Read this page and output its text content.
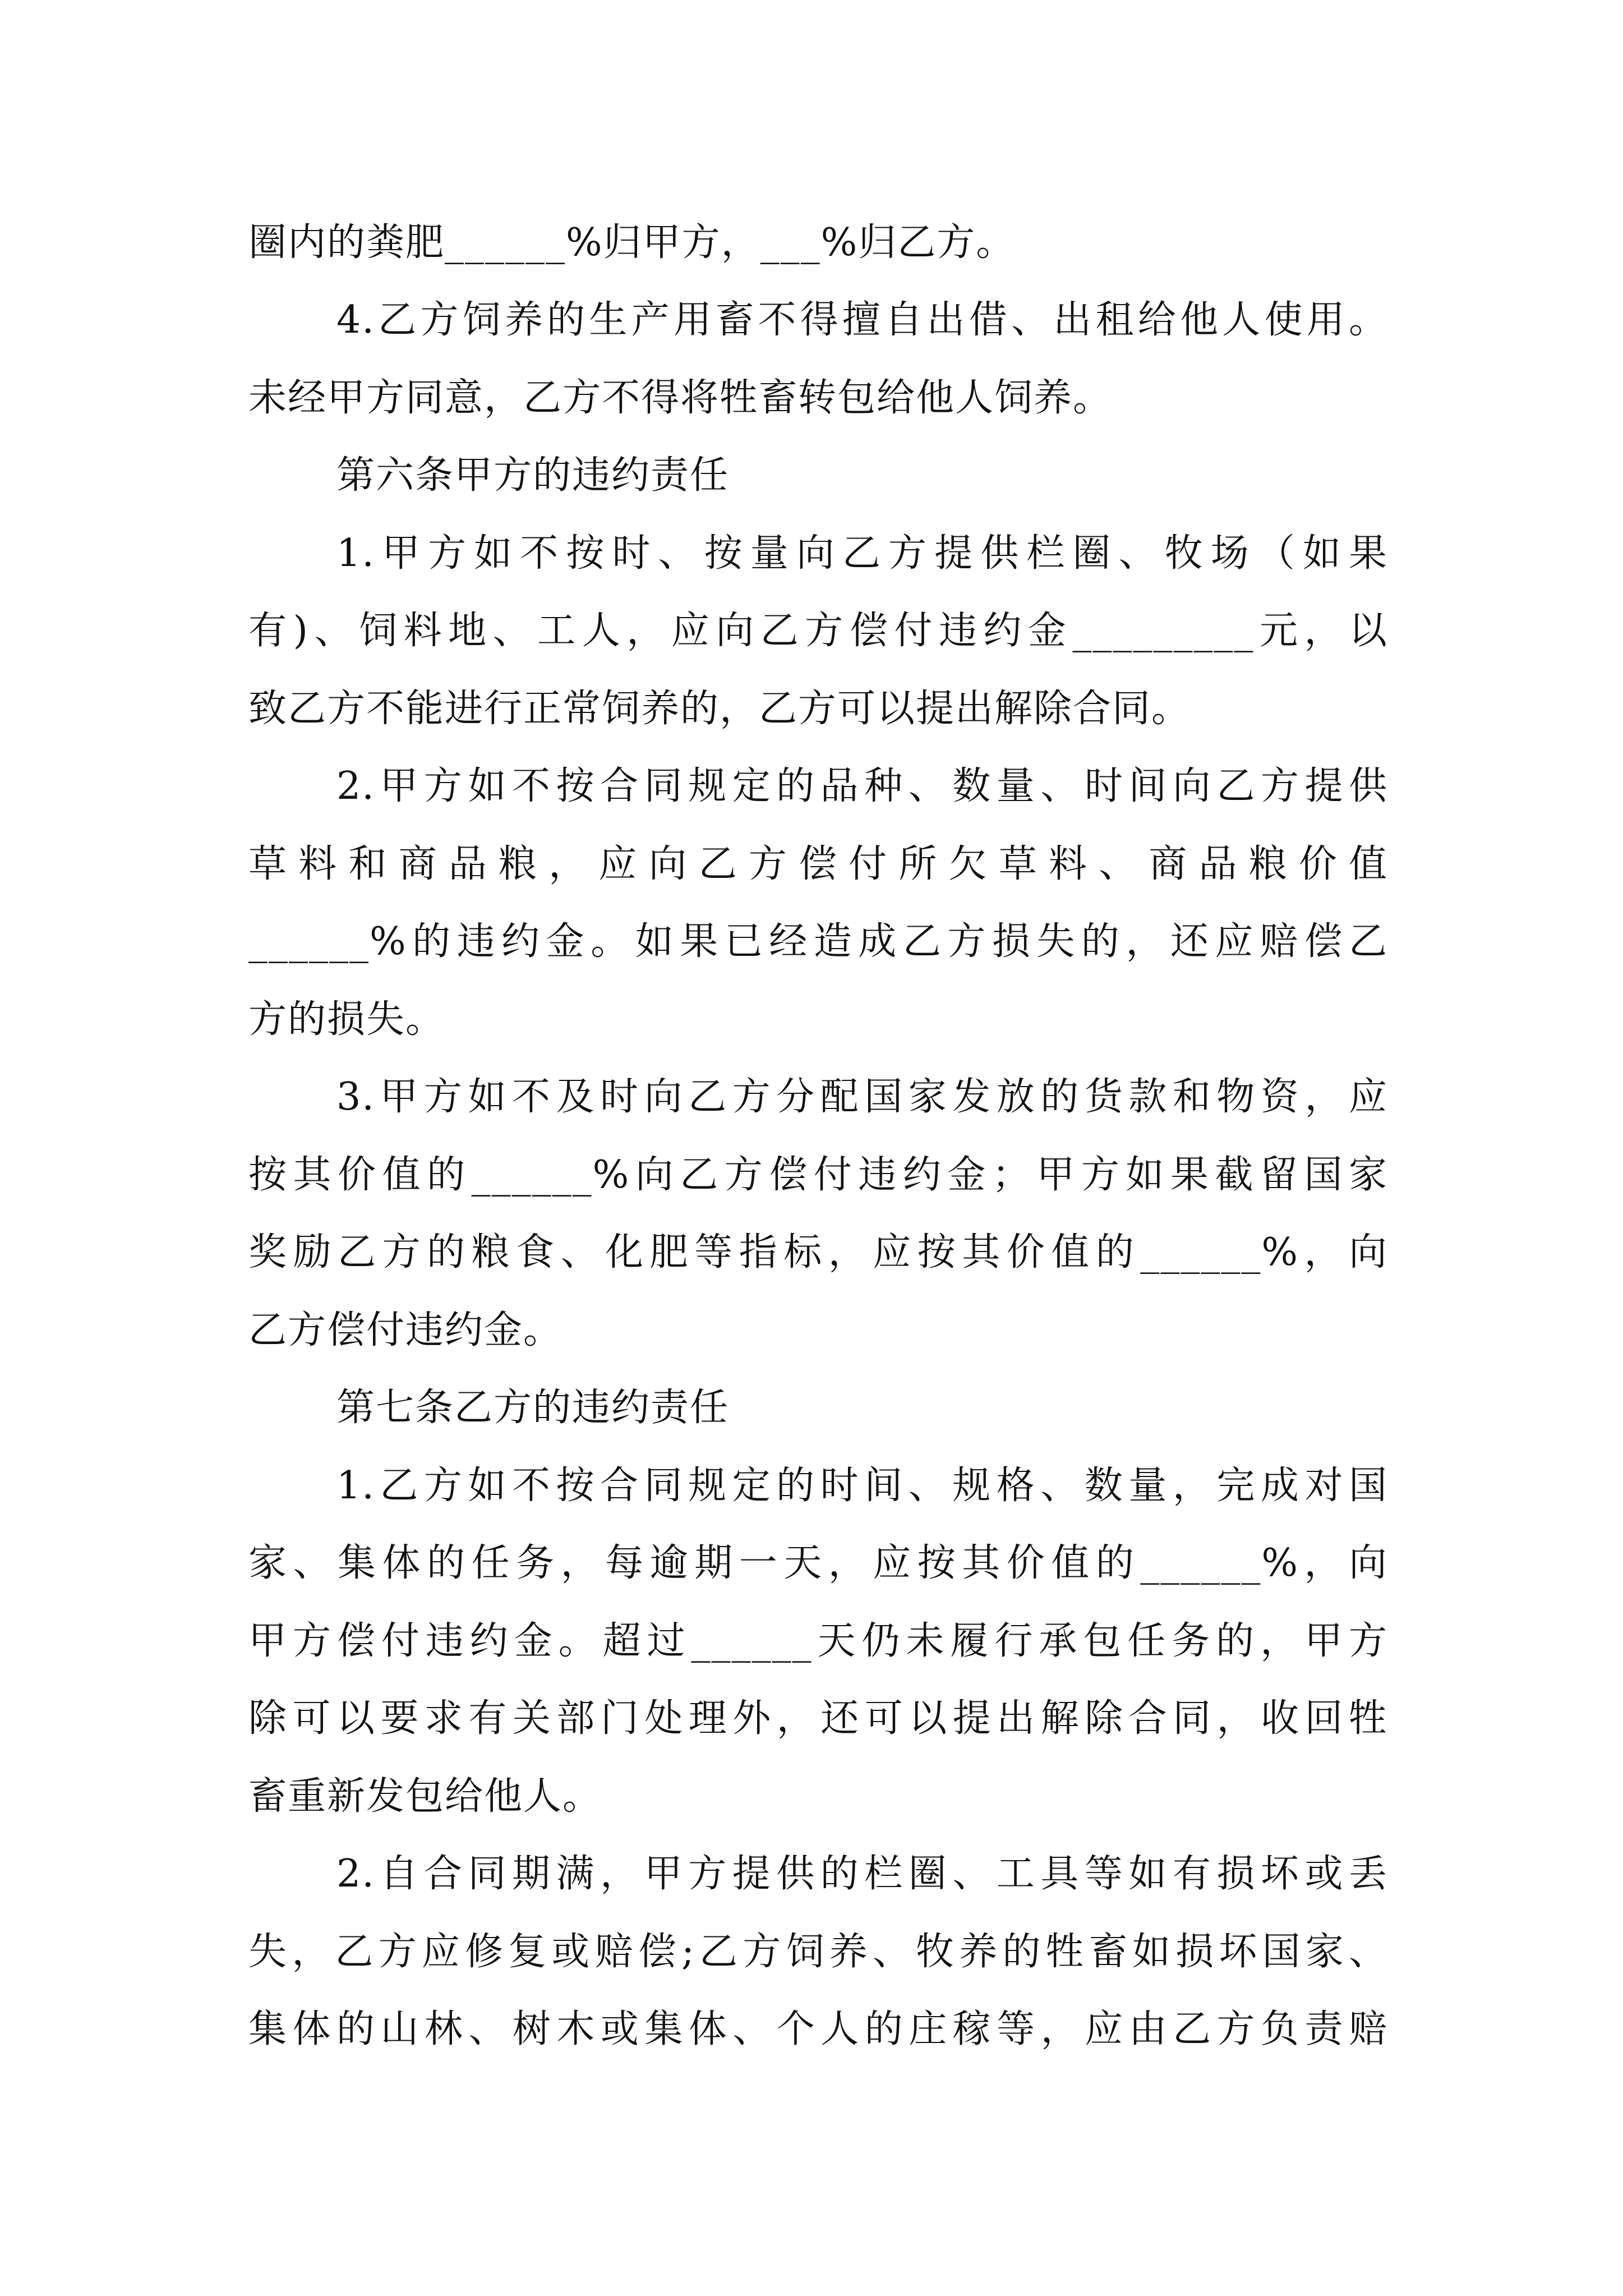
圈内的粪肥______%归甲方，___%归乙方。
4.乙方饲养的生产用畜不得擅自出借、出租给他人使用。
未经甲方同意，乙方不得将牲畜转包给他人饲养。
第六条甲方的违约责任
1.甲方如不按时、按量向乙方提供栏圈、牧场（如果
有)、饲料地、工人，应向乙方偿付违约金_________元，以
致乙方不能进行正常饲养的，乙方可以提出解除合同。
2.甲方如不按合同规定的品种、数量、时间向乙方提供
草料和商品粮，应向乙方偿付所欠草料、商品粮价值
______%的违约金。如果已经造成乙方损失的，还应赔偿乙
方的损失。
3.甲方如不及时向乙方分配国家发放的货款和物资，应
按其价值的______%向乙方偿付违约金；甲方如果截留国家
奖励乙方的粮食、化肥等指标，应按其价值的______%，向
乙方偿付违约金。
第七条乙方的违约责任
1.乙方如不按合同规定的时间、规格、数量，完成对国
家、集体的任务，每逾期一天，应按其价值的______%，向
甲方偿付违约金。超过______天仍未履行承包任务的，甲方
除可以要求有关部门处理外，还可以提出解除合同，收回牲
畜重新发包给他人。
2.自合同期满，甲方提供的栏圈、工具等如有损坏或丢
失，乙方应修复或赔偿;乙方饲养、牧养的牲畜如损坏国家、
集体的山林、树木或集体、个人的庄稼等，应由乙方负责赔
